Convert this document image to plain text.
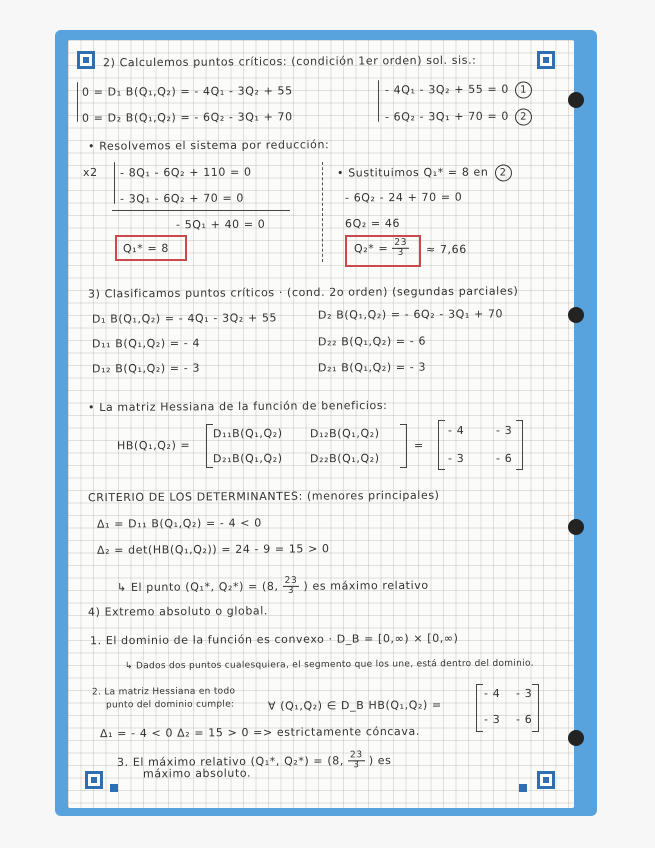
2) Calculemos puntos críticos: (condición 1er orden) sol. sis.:
0 = D₁ B(Q₁,Q₂) = - 4Q₁ - 3Q₂ + 55
0 = D₂ B(Q₁,Q₂) = - 6Q₂ - 3Q₁ + 70
- 4Q₁ - 3Q₂ + 55 = 0 1
- 6Q₂ - 3Q₁ + 70 = 0 2
• Resolvemos el sistema por reducción:
x2 - 8Q₁ - 6Q₂ + 110 = 0
- 3Q₁ - 6Q₂ + 70 = 0
- 5Q₁ + 40 = 0
• Sustituimos Q₁* = 8 en 2
- 6Q₂ - 24 + 70 = 0
6Q₂ = 46
Q₁* = 8	$Q_2* = \frac{23}{3} \approx 7,66$
3) Clasificamos puntos críticos · (cond. 2o orden) (segundas parciales)
D₁ B(Q₁,Q₂) = - 4Q₁ - 3Q₂ + 55	D₂ B(Q₁,Q₂) = - 6Q₂ - 3Q₁ + 70
D₁₁ B(Q₁,Q₂) = - 4	D₂₂ B(Q₁,Q₂) = - 6
D₁₂ B(Q₁,Q₂) = - 3	D₂₁ B(Q₁,Q₂) = - 3
• La matriz Hessiana de la función de beneficios:
HB(Q₁,Q₂) =
D₁₁B(Q₁,Q₂) D₁₂B(Q₁,Q₂)
D₂₁B(Q₁,Q₂) D₂₂B(Q₁,Q₂)
=
- 4	- 3
- 3	- 6
CRITERIO DE LOS DETERMINANTES: (menores principales)
Δ₁ = D₁₁ B(Q₁,Q₂) = - 4 < 0
Δ₂ = det(HB(Q₁,Q₂)) = 24 - 9 = 15 > 0
↳ El punto (Q₁*, Q₂*) = (8, $\frac{23}{3}$ ) es máximo relativo
4) Extremo absoluto o global.
1. El dominio de la función es convexo · D_B = [0,∞) × [0,∞)
↳ Dados dos puntos cualesquiera, el segmento que los une, está dentro del dominio.
2. La matriz Hessiana en todo
punto del dominio cumple:	∀ (Q₁,Q₂) ∈ D_B HB(Q₁,Q₂) =
- 4 - 3
- 3 - 6
Δ₁ = - 4 < 0 Δ₂ = 15 > 0 => estrictamente cóncava.
3. El máximo relativo (Q₁*, Q₂*) = (8, $\frac{23}{3}$ ) es
máximo absoluto.
